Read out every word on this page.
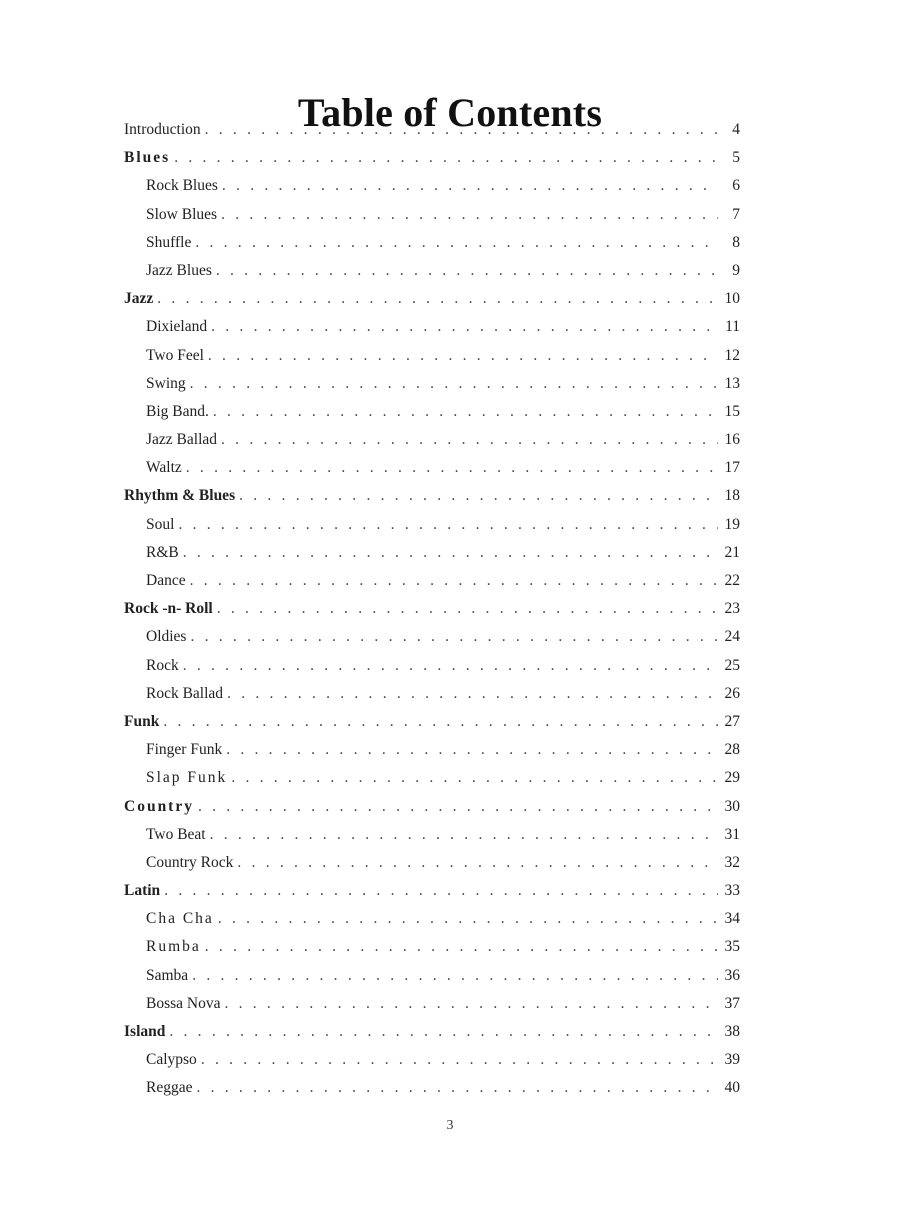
Table of Contents
Introduction . . .	4
Blues . . .	5
Rock Blues . . .	6
Slow Blues . . .	7
Shuffle . . .	8
Jazz Blues . . .	9
Jazz . . .	10
Dixieland . . .	11
Two Feel . . .	12
Swing . . .	13
Big Band. . . .	15
Jazz Ballad . . .	16
Waltz . . .	17
Rhythm & Blues . . .	18
Soul . . .	19
R&B . . .	21
Dance . . .	22
Rock -n- Roll . . .	23
Oldies . . .	24
Rock . . .	25
Rock Ballad . . .	26
Funk . . .	27
Finger Funk . . .	28
Slap Funk . . .	29
Country . . .	30
Two Beat . . .	31
Country Rock . . .	32
Latin . . .	33
Cha Cha . . .	34
Rumba . . .	35
Samba . . .	36
Bossa Nova . . .	37
Island . . .	38
Calypso . . .	39
Reggae . . .	40
3
